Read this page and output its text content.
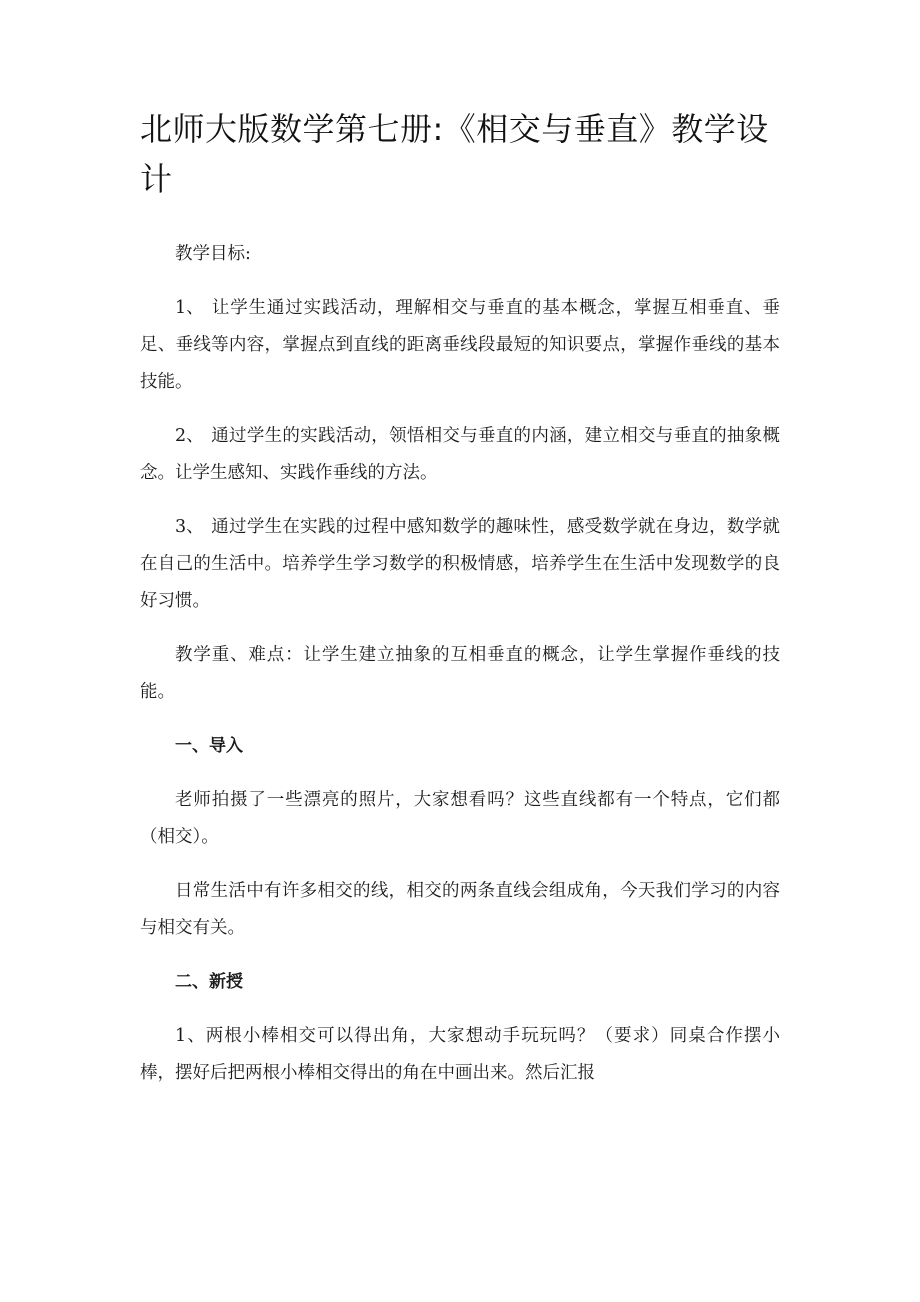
北师大版数学第七册:《相交与垂直》教学设计

教学目标:

1、 让学生通过实践活动，理解相交与垂直的基本概念，掌握互相垂直、垂足、垂线等内容，掌握点到直线的距离垂线段最短的知识要点，掌握作垂线的基本技能。

2、 通过学生的实践活动，领悟相交与垂直的内涵，建立相交与垂直的抽象概念。让学生感知、实践作垂线的方法。

3、 通过学生在实践的过程中感知数学的趣味性，感受数学就在身边，数学就在自己的生活中。培养学生学习数学的积极情感，培养学生在生活中发现数学的良好习惯。

教学重、难点：让学生建立抽象的互相垂直的概念，让学生掌握作垂线的技能。

一、导入

老师拍摄了一些漂亮的照片，大家想看吗？这些直线都有一个特点，它们都（相交）。

日常生活中有许多相交的线，相交的两条直线会组成角，今天我们学习的内容与相交有关。

二、新授

1、两根小棒相交可以得出角，大家想动手玩玩吗？（要求）同桌合作摆小棒，摆好后把两根小棒相交得出的角在中画出来。然后汇报
